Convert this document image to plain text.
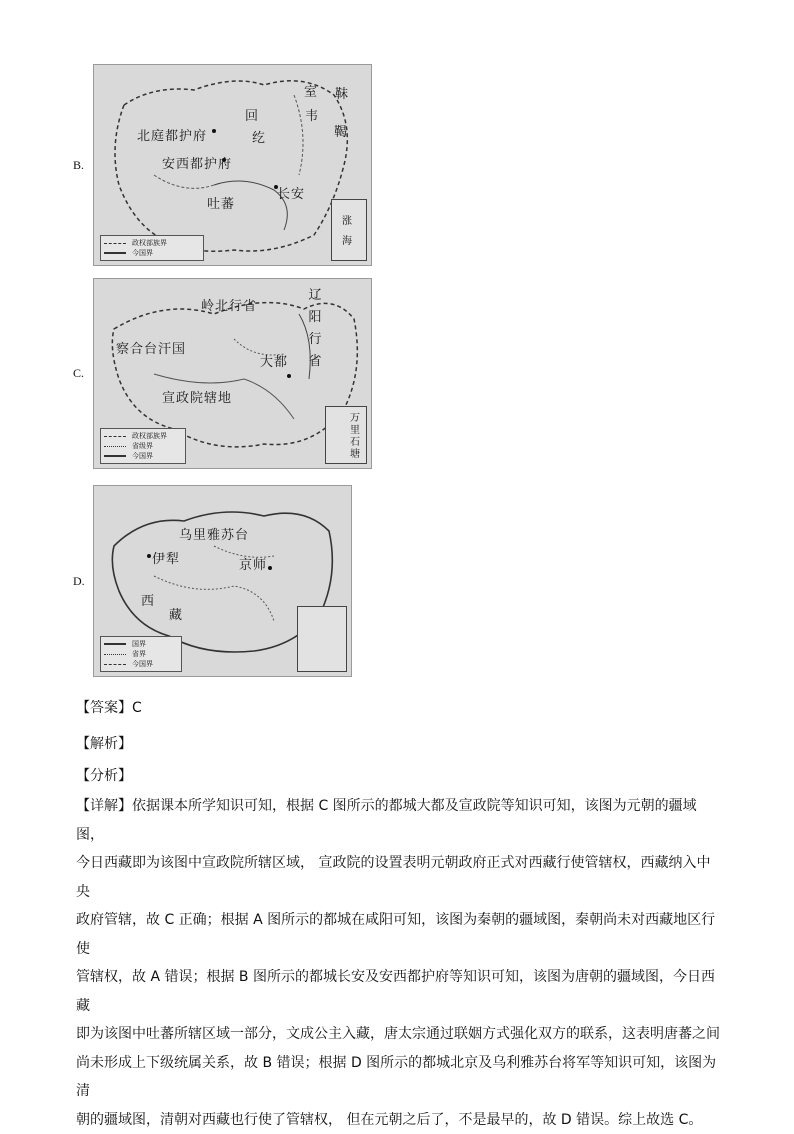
B.
北庭都护府
安西都护府
长安
吐蕃
回
纥
室
韦
靺
鞨
政权部族界
今国界
涨
海
C.
岭北行省
辽
阳
行
省
察合台汗国
大都
宣政院辖地
政权部族界
省级界
今国界
万
里
石
塘
D.
乌里雅苏台
伊犁	京师
西
藏
国界
省界
今国界
【答案】C
【解析】
【分析】
【详解】依据课本所学知识可知，根据 C 图所示的都城大都及宣政院等知识可知，该图为元朝的疆域图，
今日西藏即为该图中宣政院所辖区域， 宣政院的设置表明元朝政府正式对西藏行使管辖权，西藏纳入中央
政府管辖，故 C 正确；根据 A 图所示的都城在咸阳可知，该图为秦朝的疆域图，秦朝尚未对西藏地区行使
管辖权，故 A 错误；根据 B 图所示的都城长安及安西都护府等知识可知，该图为唐朝的疆域图，今日西藏
即为该图中吐蕃所辖区域一部分，文成公主入藏，唐太宗通过联姻方式强化双方的联系，这表明唐蕃之间
尚未形成上下级统属关系，故 B 错误；根据 D 图所示的都城北京及乌利雅苏台将军等知识可知，该图为清
朝的疆域图，清朝对西藏也行使了管辖权， 但在元朝之后了，不是最早的，故 D 错误。综上故选 C。
